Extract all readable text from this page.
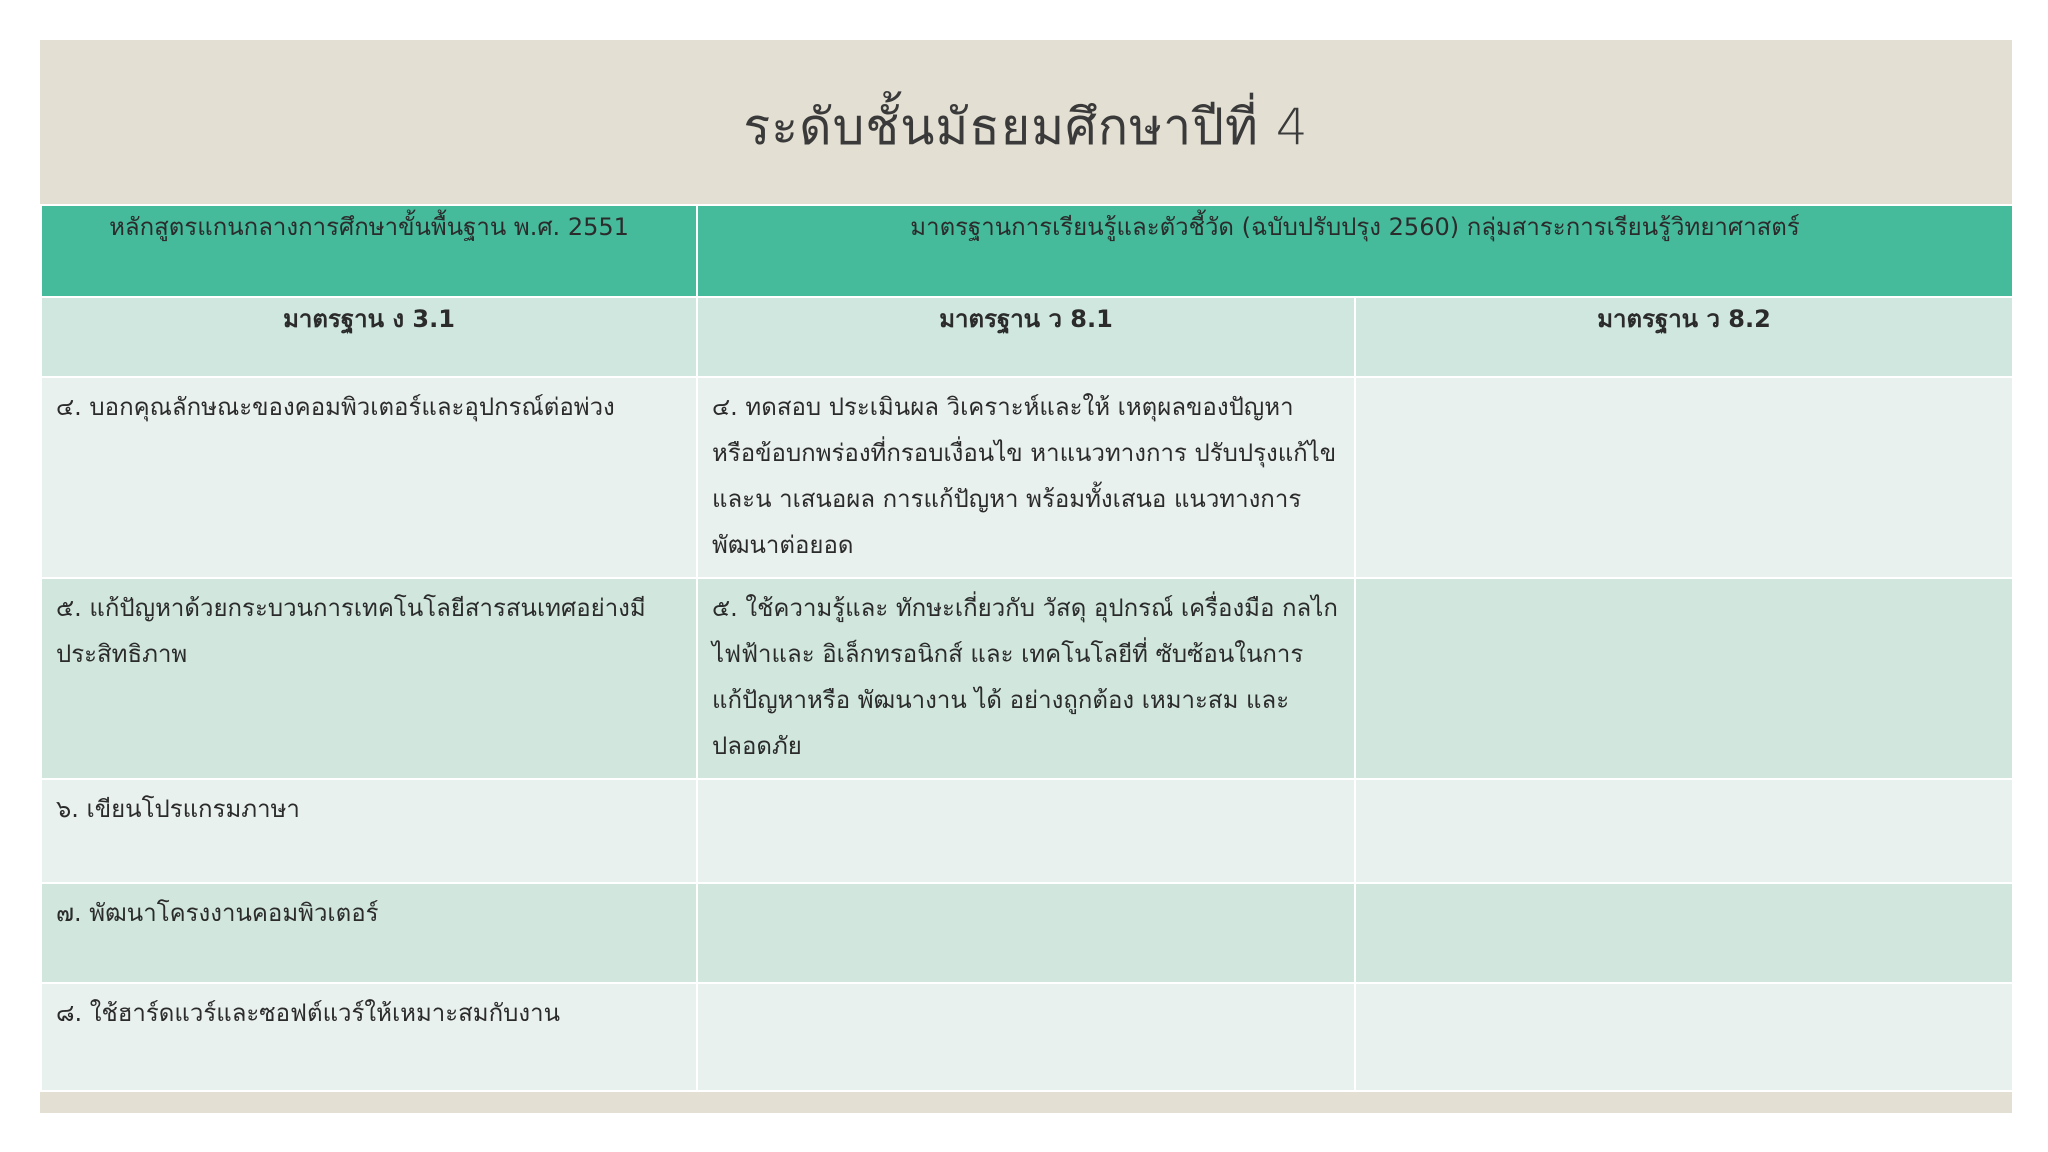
ระดับชั้นมัธยมศึกษาปีที่ 4
หลักสูตรแกนกลางการศึกษาขั้นพื้นฐาน พ.ศ. 2551	มาตรฐานการเรียนรู้และตัวชี้วัด (ฉบับปรับปรุง 2560) กลุ่มสาระการเรียนรู้วิทยาศาสตร์	
มาตรฐาน ง 3.1	มาตรฐาน ว 8.1	มาตรฐาน ว 8.2
๔. บอกคุณลักษณะของคอมพิวเตอร์และอุปกรณ์ต่อพ่วง	๔. ทดสอบ ประเมินผล วิเคราะห์และให้ เหตุผลของปัญหา หรือข้อบกพร่องที่กรอบเงื่อนไข หาแนวทางการ ปรับปรุงแก้ไข และน าเสนอผล การแก้ปัญหา พร้อมทั้งเสนอ แนวทางการพัฒนาต่อยอด	
๕. แก้ปัญหาด้วยกระบวนการเทคโนโลยีสารสนเทศอย่างมีประสิทธิภาพ	๕. ใช้ความรู้และ ทักษะเกี่ยวกับ วัสดุ อุปกรณ์ เครื่องมือ กลไก ไฟฟ้าและ อิเล็กทรอนิกส์ และ เทคโนโลยีที่ ซับซ้อนในการ แก้ปัญหาหรือ พัฒนางาน ได้ อย่างถูกต้อง เหมาะสม และ ปลอดภัย	
๖. เขียนโปรแกรมภาษา		
๗. พัฒนาโครงงานคอมพิวเตอร์		
๘. ใช้ฮาร์ดแวร์และซอฟต์แวร์ให้เหมาะสมกับงาน		
